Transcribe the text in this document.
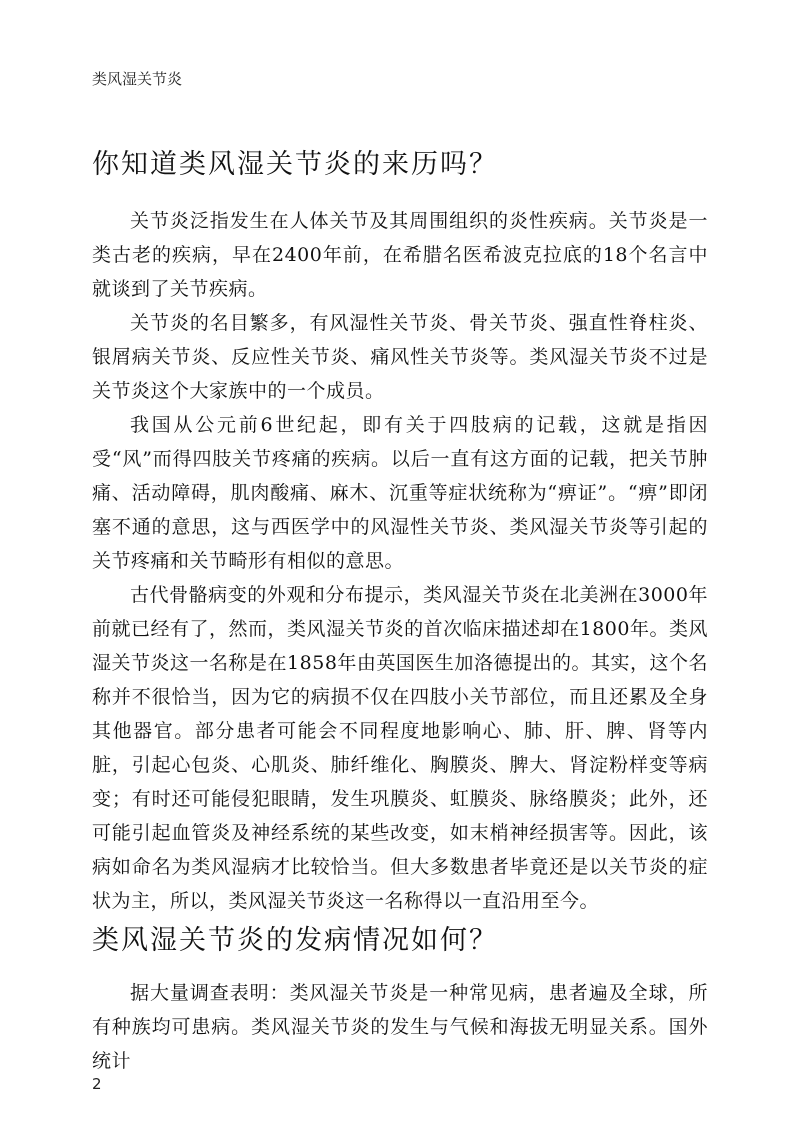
类风湿关节炎
你知道类风湿关节炎的来历吗？

关节炎泛指发生在人体关节及其周围组织的炎性疾病。关节炎是一类古老的疾病，早在2400年前，在希腊名医希波克拉底的18个名言中就谈到了关节疾病。

关节炎的名目繁多，有风湿性关节炎、骨关节炎、强直性脊柱炎、银屑病关节炎、反应性关节炎、痛风性关节炎等。类风湿关节炎不过是关节炎这个大家族中的一个成员。

我国从公元前6世纪起，即有关于四肢病的记载，这就是指因受“风”而得四肢关节疼痛的疾病。以后一直有这方面的记载，把关节肿痛、活动障碍，肌肉酸痛、麻木、沉重等症状统称为“痹证”。“痹”即闭塞不通的意思，这与西医学中的风湿性关节炎、类风湿关节炎等引起的关节疼痛和关节畸形有相似的意思。

古代骨骼病变的外观和分布提示，类风湿关节炎在北美洲在3000年前就已经有了，然而，类风湿关节炎的首次临床描述却在1800年。类风湿关节炎这一名称是在1858年由英国医生加洛德提出的。其实，这个名称并不很恰当，因为它的病损不仅在四肢小关节部位，而且还累及全身其他器官。部分患者可能会不同程度地影响心、肺、肝、脾、肾等内脏，引起心包炎、心肌炎、肺纤维化、胸膜炎、脾大、肾淀粉样变等病变；有时还可能侵犯眼睛，发生巩膜炎、虹膜炎、脉络膜炎；此外，还可能引起血管炎及神经系统的某些改变，如末梢神经损害等。因此，该病如命名为类风湿病才比较恰当。但大多数患者毕竟还是以关节炎的症状为主，所以，类风湿关节炎这一名称得以一直沿用至今。

类风湿关节炎的发病情况如何？

据大量调查表明：类风湿关节炎是一种常见病，患者遍及全球，所有种族均可患病。类风湿关节炎的发生与气候和海拔无明显关系。国外统计

2
